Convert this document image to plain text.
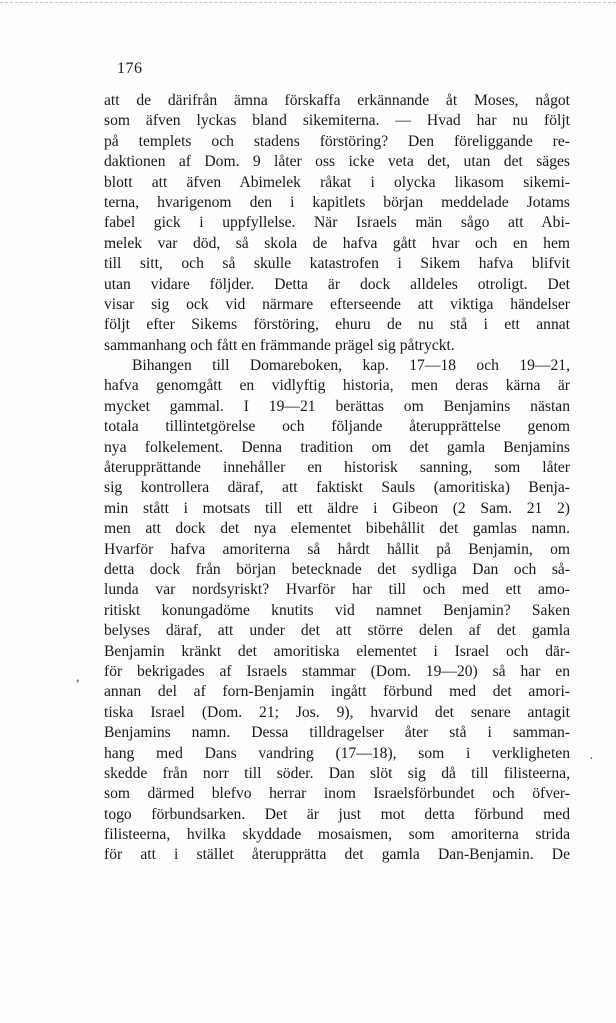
176
att de därifrån ämna förskaffa erkännande åt Moses, något
som äfven lyckas bland sikemiterna. — Hvad har nu följt
på templets och stadens förstöring? Den föreliggande re-
daktionen af Dom. 9 låter oss icke veta det, utan det säges
blott att äfven Abimelek råkat i olycka likasom sikemi-
terna, hvarigenom den i kapitlets början meddelade Jotams
fabel gick i uppfyllelse. När Israels män sågo att Abi-
melek var död, så skola de hafva gått hvar och en hem
till sitt, och så skulle katastrofen i Sikem hafva blifvit
utan vidare följder. Detta är dock alldeles otroligt. Det
visar sig ock vid närmare efterseende att viktiga händelser
följt efter Sikems förstöring, ehuru de nu stå i ett annat
sammanhang och fått en främmande prägel sig påtryckt.
Bihangen till Domareboken, kap. 17—18 och 19—21,
hafva genomgått en vidlyftig historia, men deras kärna är
mycket gammal. I 19—21 berättas om Benjamins nästan
totala tillintetgörelse och följande återupprättelse genom
nya folkelement. Denna tradition om det gamla Benjamins
återupprättande innehåller en historisk sanning, som låter
sig kontrollera däraf, att faktiskt Sauls (amoritiska) Benja-
min stått i motsats till ett äldre i Gibeon (2 Sam. 21 2)
men att dock det nya elementet bibehållit det gamlas namn.
Hvarför hafva amoriterna så hårdt hållit på Benjamin, om
detta dock från början betecknade det sydliga Dan och så-
lunda var nordsyriskt? Hvarför har till och med ett amo-
ritiskt konungadöme knutits vid namnet Benjamin? Saken
belyses däraf, att under det att större delen af det gamla
Benjamin kränkt det amoritiska elementet i Israel och där-
för bekrigades af Israels stammar (Dom. 19—20) så har en
annan del af forn-Benjamin ingått förbund med det amori-
tiska Israel (Dom. 21; Jos. 9), hvarvid det senare antagit
Benjamins namn. Dessa tilldragelser åter stå i samman-
hang med Dans vandring (17—18), som i verkligheten
skedde från norr till söder. Dan slöt sig då till filisteerna,
som därmed blefvo herrar inom Israelsförbundet och öfver-
togo förbundsarken. Det är just mot detta förbund med
filisteerna, hvilka skyddade mosaismen, som amoriterna strida
för att i stället återupprätta det gamla Dan-Benjamin. De
,
·
